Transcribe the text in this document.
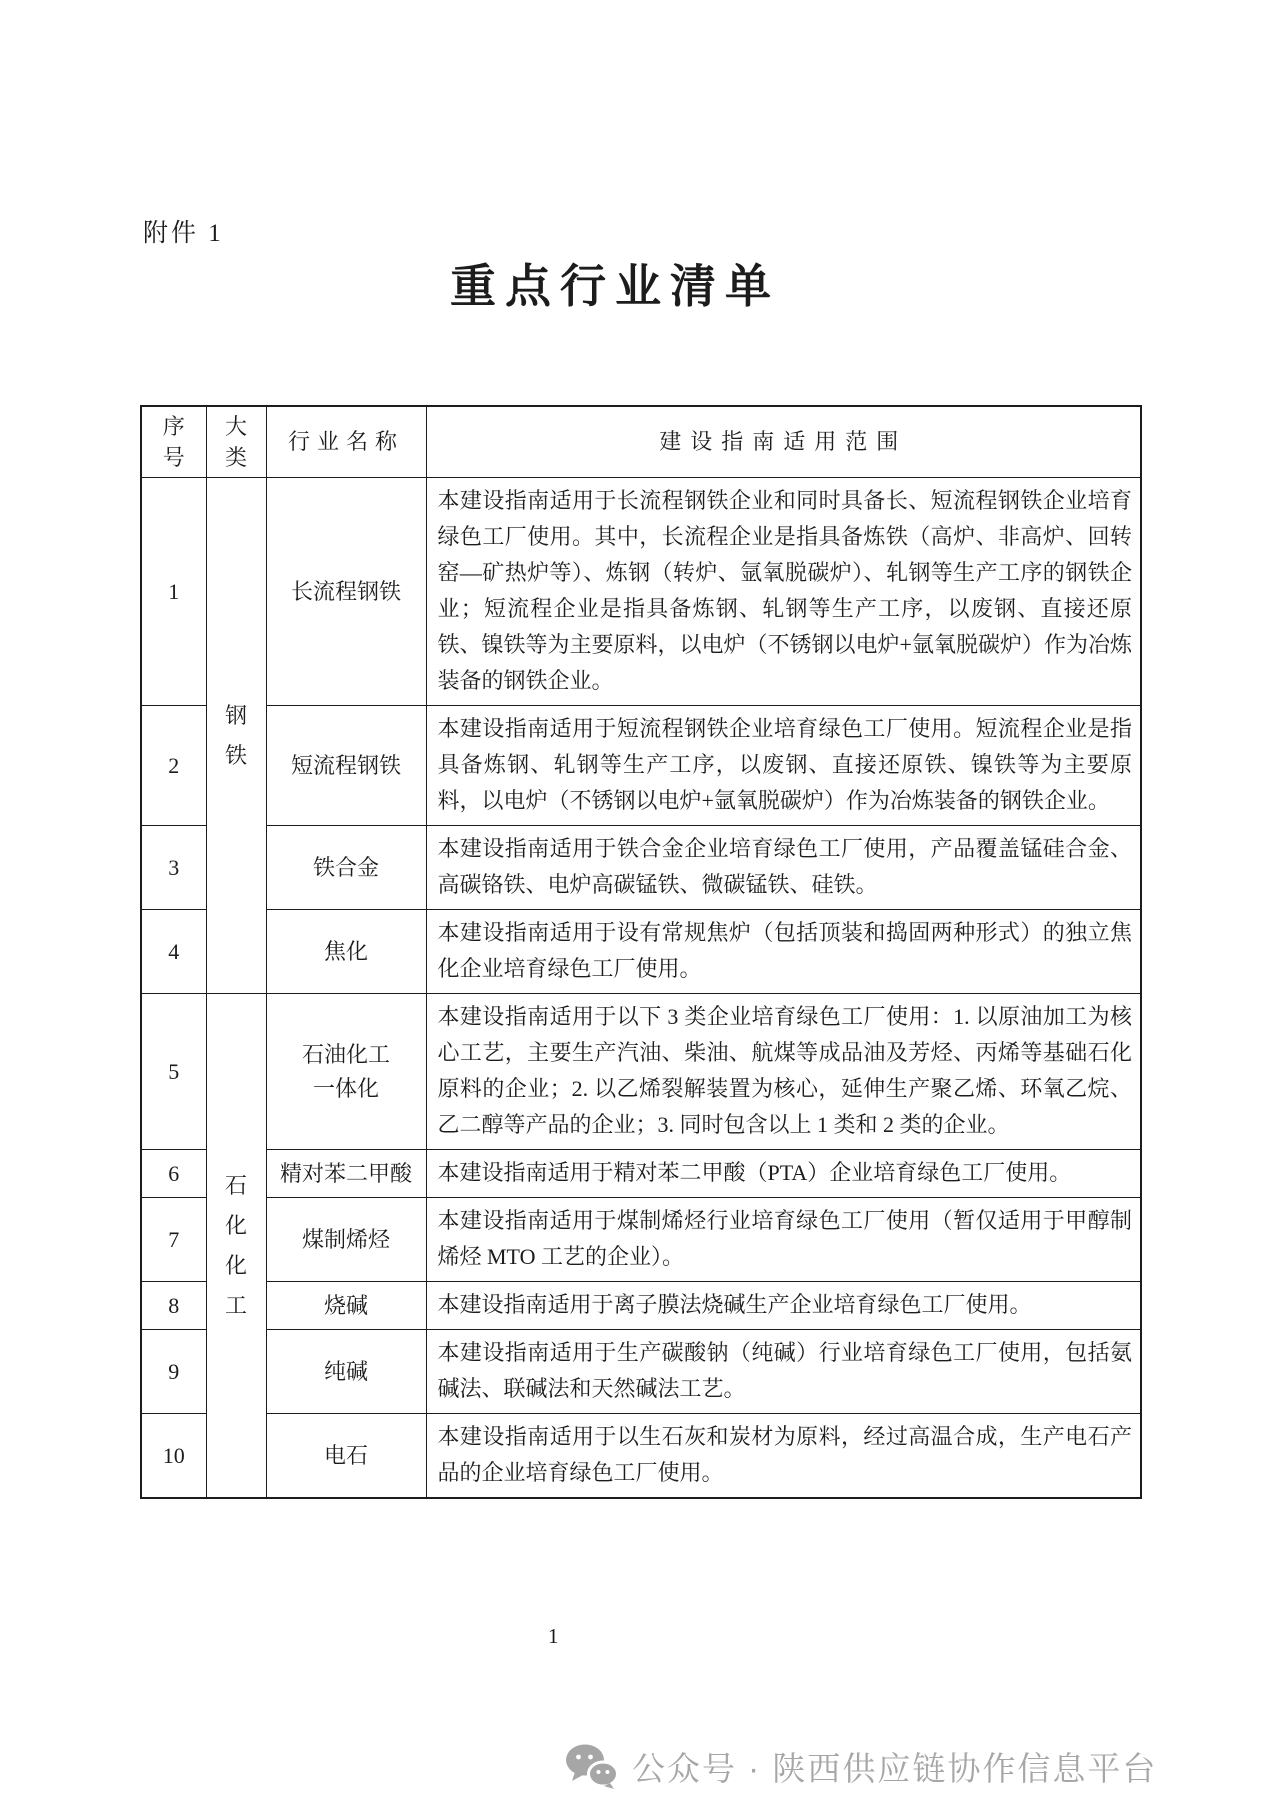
附件 1
重点行业清单
序号	大类	行业名称	建设指南适用范围
1	钢铁	长流程钢铁	本建设指南适用于长流程钢铁企业和同时具备长、短流程钢铁企业培育绿色工厂使用。其中，长流程企业是指具备炼铁（高炉、非高炉、回转窑—矿热炉等）、炼钢（转炉、氩氧脱碳炉）、轧钢等生产工序的钢铁企业；短流程企业是指具备炼钢、轧钢等生产工序，以废钢、直接还原铁、镍铁等为主要原料，以电炉（不锈钢以电炉+氩氧脱碳炉）作为冶炼装备的钢铁企业。
2		短流程钢铁	本建设指南适用于短流程钢铁企业培育绿色工厂使用。短流程企业是指具备炼钢、轧钢等生产工序，以废钢、直接还原铁、镍铁等为主要原料，以电炉（不锈钢以电炉+氩氧脱碳炉）作为冶炼装备的钢铁企业。
3		铁合金	本建设指南适用于铁合金企业培育绿色工厂使用，产品覆盖锰硅合金、高碳铬铁、电炉高碳锰铁、微碳锰铁、硅铁。
4		焦化	本建设指南适用于设有常规焦炉（包括顶装和捣固两种形式）的独立焦化企业培育绿色工厂使用。
5	石化化工	石油化工一体化	本建设指南适用于以下 3 类企业培育绿色工厂使用：1. 以原油加工为核心工艺，主要生产汽油、柴油、航煤等成品油及芳烃、丙烯等基础石化原料的企业；2. 以乙烯裂解装置为核心，延伸生产聚乙烯、环氧乙烷、乙二醇等产品的企业；3. 同时包含以上 1 类和 2 类的企业。
6		精对苯二甲酸	本建设指南适用于精对苯二甲酸（PTA）企业培育绿色工厂使用。
7		煤制烯烃	本建设指南适用于煤制烯烃行业培育绿色工厂使用（暂仅适用于甲醇制烯烃 MTO 工艺的企业）。
8		烧碱	本建设指南适用于离子膜法烧碱生产企业培育绿色工厂使用。
9		纯碱	本建设指南适用于生产碳酸钠（纯碱）行业培育绿色工厂使用，包括氨碱法、联碱法和天然碱法工艺。
10		电石	本建设指南适用于以生石灰和炭材为原料，经过高温合成，生产电石产品的企业培育绿色工厂使用。
1
公众号 · 陕西供应链协作信息平台
